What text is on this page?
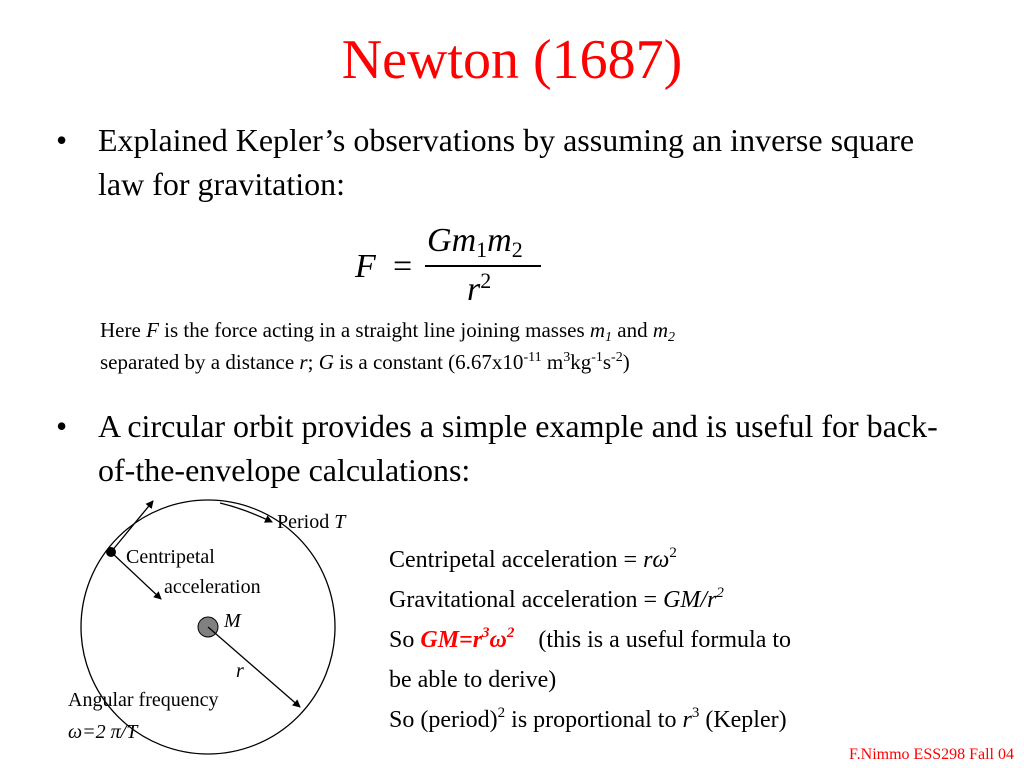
Newton (1687)
• Explained Kepler’s observations by assuming an inverse square law for gravitation:
F =
$Gm_1m_2$
$r^2$
Here F is the force acting in a straight line joining masses $m_1$ and $m_2$
separated by a distance r; G is a constant ($6.67x10^{-11}$ $m^3kg^{-1}s^{-2}$)
• A circular orbit provides a simple example and is useful for back-of-the-envelope calculations:
Period T
Centripetal
acceleration
M
r
Angular frequency
ω=2 π/T
Centripetal acceleration = $r\omega^2$
Gravitational acceleration = $GM/r^2$
So $GM=r^3\omega^2$    (this is a useful formula to
be able to derive)
So (period)$^2$ is proportional to $r^3$ (Kepler)
F.Nimmo ESS298 Fall 04
